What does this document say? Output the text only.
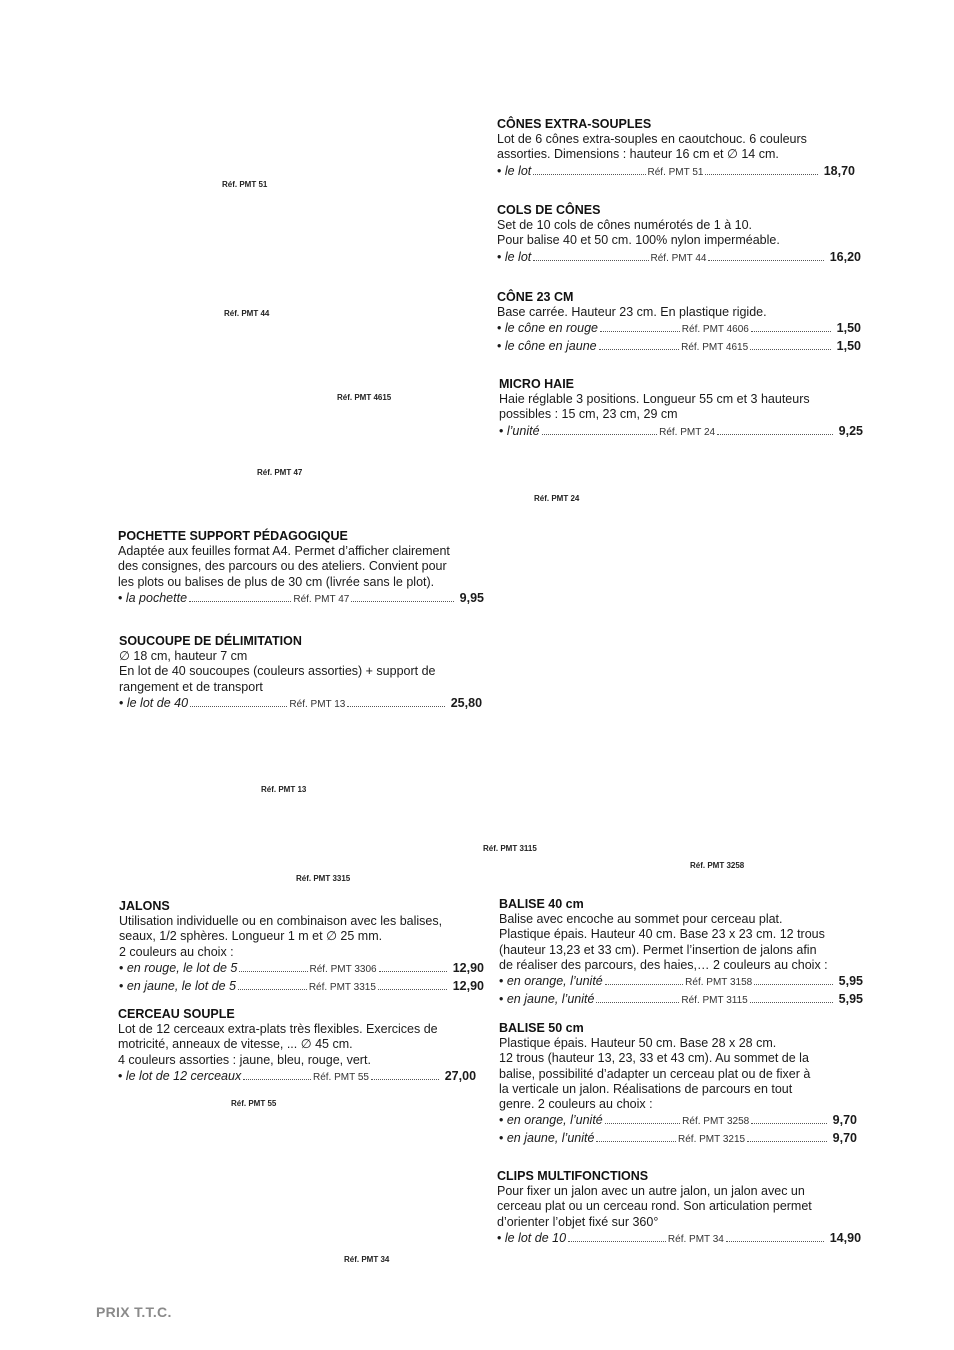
Réf. PMT 51
Réf. PMT 44
Réf. PMT 4615
Réf. PMT 47
Réf. PMT 24
Réf. PMT 13
Réf. PMT 3115
Réf. PMT 3258
Réf. PMT 3315
Réf. PMT 55
Réf. PMT 34
CÔNES EXTRA-SOUPLES

Lot de 6 cônes extra-souples en caoutchouc. 6 couleurs

assorties. Dimensions : hauteur 16 cm et ∅ 14 cm.

• le lot	Réf. PMT 51	18,70
COLS DE CÔNES

Set de 10 cols de cônes numérotés de 1 à 10.

Pour balise 40 et 50 cm. 100% nylon imperméable.

• le lot	Réf. PMT 44	16,20
CÔNE 23 CM

Base carrée. Hauteur 23 cm. En plastique rigide.

• le cône en rouge	Réf. PMT 4606	1,50
• le cône en jaune	Réf. PMT 4615	1,50
MICRO HAIE

Haie réglable 3 positions. Longueur 55 cm et 3 hauteurs

possibles : 15 cm, 23 cm, 29 cm

• l’unité	Réf. PMT 24	9,25
POCHETTE SUPPORT PÉDAGOGIQUE

Adaptée aux feuilles format A4. Permet d’afficher clairement

des consignes, des parcours ou des ateliers. Convient pour

les plots ou balises de plus de 30 cm (livrée sans le plot).

• la pochette	Réf. PMT 47	9,95
SOUCOUPE DE DÉLIMITATION

∅ 18 cm, hauteur 7 cm

En lot de 40 soucoupes (couleurs assorties) + support de

rangement et de transport

• le lot de 40	Réf. PMT 13	25,80
JALONS

Utilisation individuelle ou en combinaison avec les balises,

seaux, 1/2 sphères. Longueur 1 m et ∅ 25 mm.

2 couleurs au choix :

• en rouge, le lot de 5	Réf. PMT 3306	12,90
• en jaune, le lot de 5	Réf. PMT 3315	12,90
CERCEAU SOUPLE

Lot de 12 cerceaux extra-plats très flexibles. Exercices de

motricité, anneaux de vitesse, ... ∅ 45 cm.

4 couleurs assorties : jaune, bleu, rouge, vert.

• le lot de 12 cerceaux	Réf. PMT 55	27,00
BALISE 40 cm

Balise avec encoche au sommet pour cerceau plat.

Plastique épais. Hauteur 40 cm. Base 23 x 23 cm. 12 trous

(hauteur 13,23 et 33 cm). Permet l’insertion de jalons afin

de réaliser des parcours, des haies,… 2 couleurs au choix :

• en orange, l’unité	Réf. PMT 3158	5,95
• en jaune, l’unité	Réf. PMT 3115	5,95
BALISE 50 cm

Plastique épais. Hauteur 50 cm. Base 28 x 28 cm.

12 trous (hauteur 13, 23, 33 et 43 cm). Au sommet de la

balise, possibilité d’adapter un cerceau plat ou de fixer à

la verticale un jalon. Réalisations de parcours en tout

genre. 2 couleurs au choix :

• en orange, l’unité	Réf. PMT 3258	9,70
• en jaune, l’unité	Réf. PMT 3215	9,70
CLIPS MULTIFONCTIONS

Pour fixer un jalon avec un autre jalon, un jalon avec un

cerceau plat ou un cerceau rond. Son articulation permet

d’orienter l’objet fixé sur 360°

• le lot de 10	Réf. PMT 34	14,90
PRIX T.T.C.
